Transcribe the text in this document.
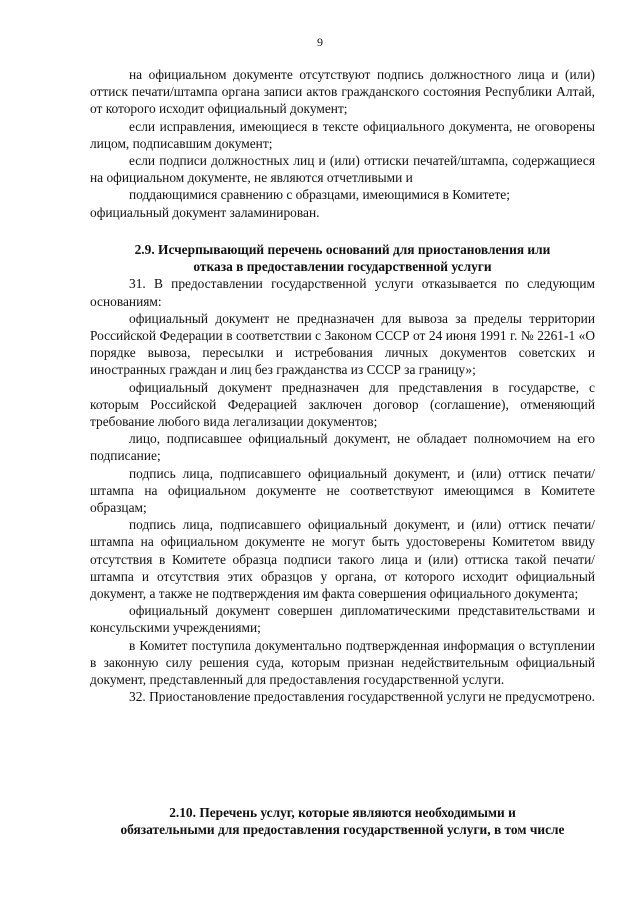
9

на официальном документе отсутствуют подпись должностного лица и (или) оттиск печати/штампа органа записи актов гражданского состояния Республики Алтай, от которого исходит официальный документ;

если исправления, имеющиеся в тексте официального документа, не оговорены лицом, подписавшим документ;

если подписи должностных лиц и (или) оттиски печатей/штампа, содержащиеся на официальном документе, не являются отчетливыми и

поддающимися сравнению с образцами, имеющимися в Комитете;

официальный документ заламинирован.

2.9. Исчерпывающий перечень оснований для приостановления или
отказа в предоставлении государственной услуги

31. В предоставлении государственной услуги отказывается по следующим основаниям:

официальный документ не предназначен для вывоза за пределы территории Российской Федерации в соответствии с Законом СССР от 24 июня 1991 г. № 2261-1 «О порядке вывоза, пересылки и истребования личных документов советских и иностранных граждан и лиц без гражданства из СССР за границу»;

официальный документ предназначен для представления в государстве, с которым Российской Федерацией заключен договор (соглашение), отменяющий требование любого вида легализации документов;

лицо, подписавшее официальный документ, не обладает полномочием на его подписание;

подпись лица, подписавшего официальный документ, и (или) оттиск печати/штампа на официальном документе не соответствуют имеющимся в Комитете образцам;

подпись лица, подписавшего официальный документ, и (или) оттиск печати/штампа на официальном документе не могут быть удостоверены Комитетом ввиду отсутствия в Комитете образца подписи такого лица и (или) оттиска такой печати/штампа и отсутствия этих образцов у органа, от которого исходит официальный документ, а также не подтверждения им факта совершения официального документа;

официальный документ совершен дипломатическими представительствами и консульскими учреждениями;

в Комитет поступила документально подтвержденная информация о вступлении в законную силу решения суда, которым признан недействительным официальный документ, представленный для предоставления государственной услуги.

32. Приостановление предоставления государственной услуги не предусмотрено.

2.10. Перечень услуг, которые являются необходимыми и
обязательными для предоставления государственной услуги, в том числе
